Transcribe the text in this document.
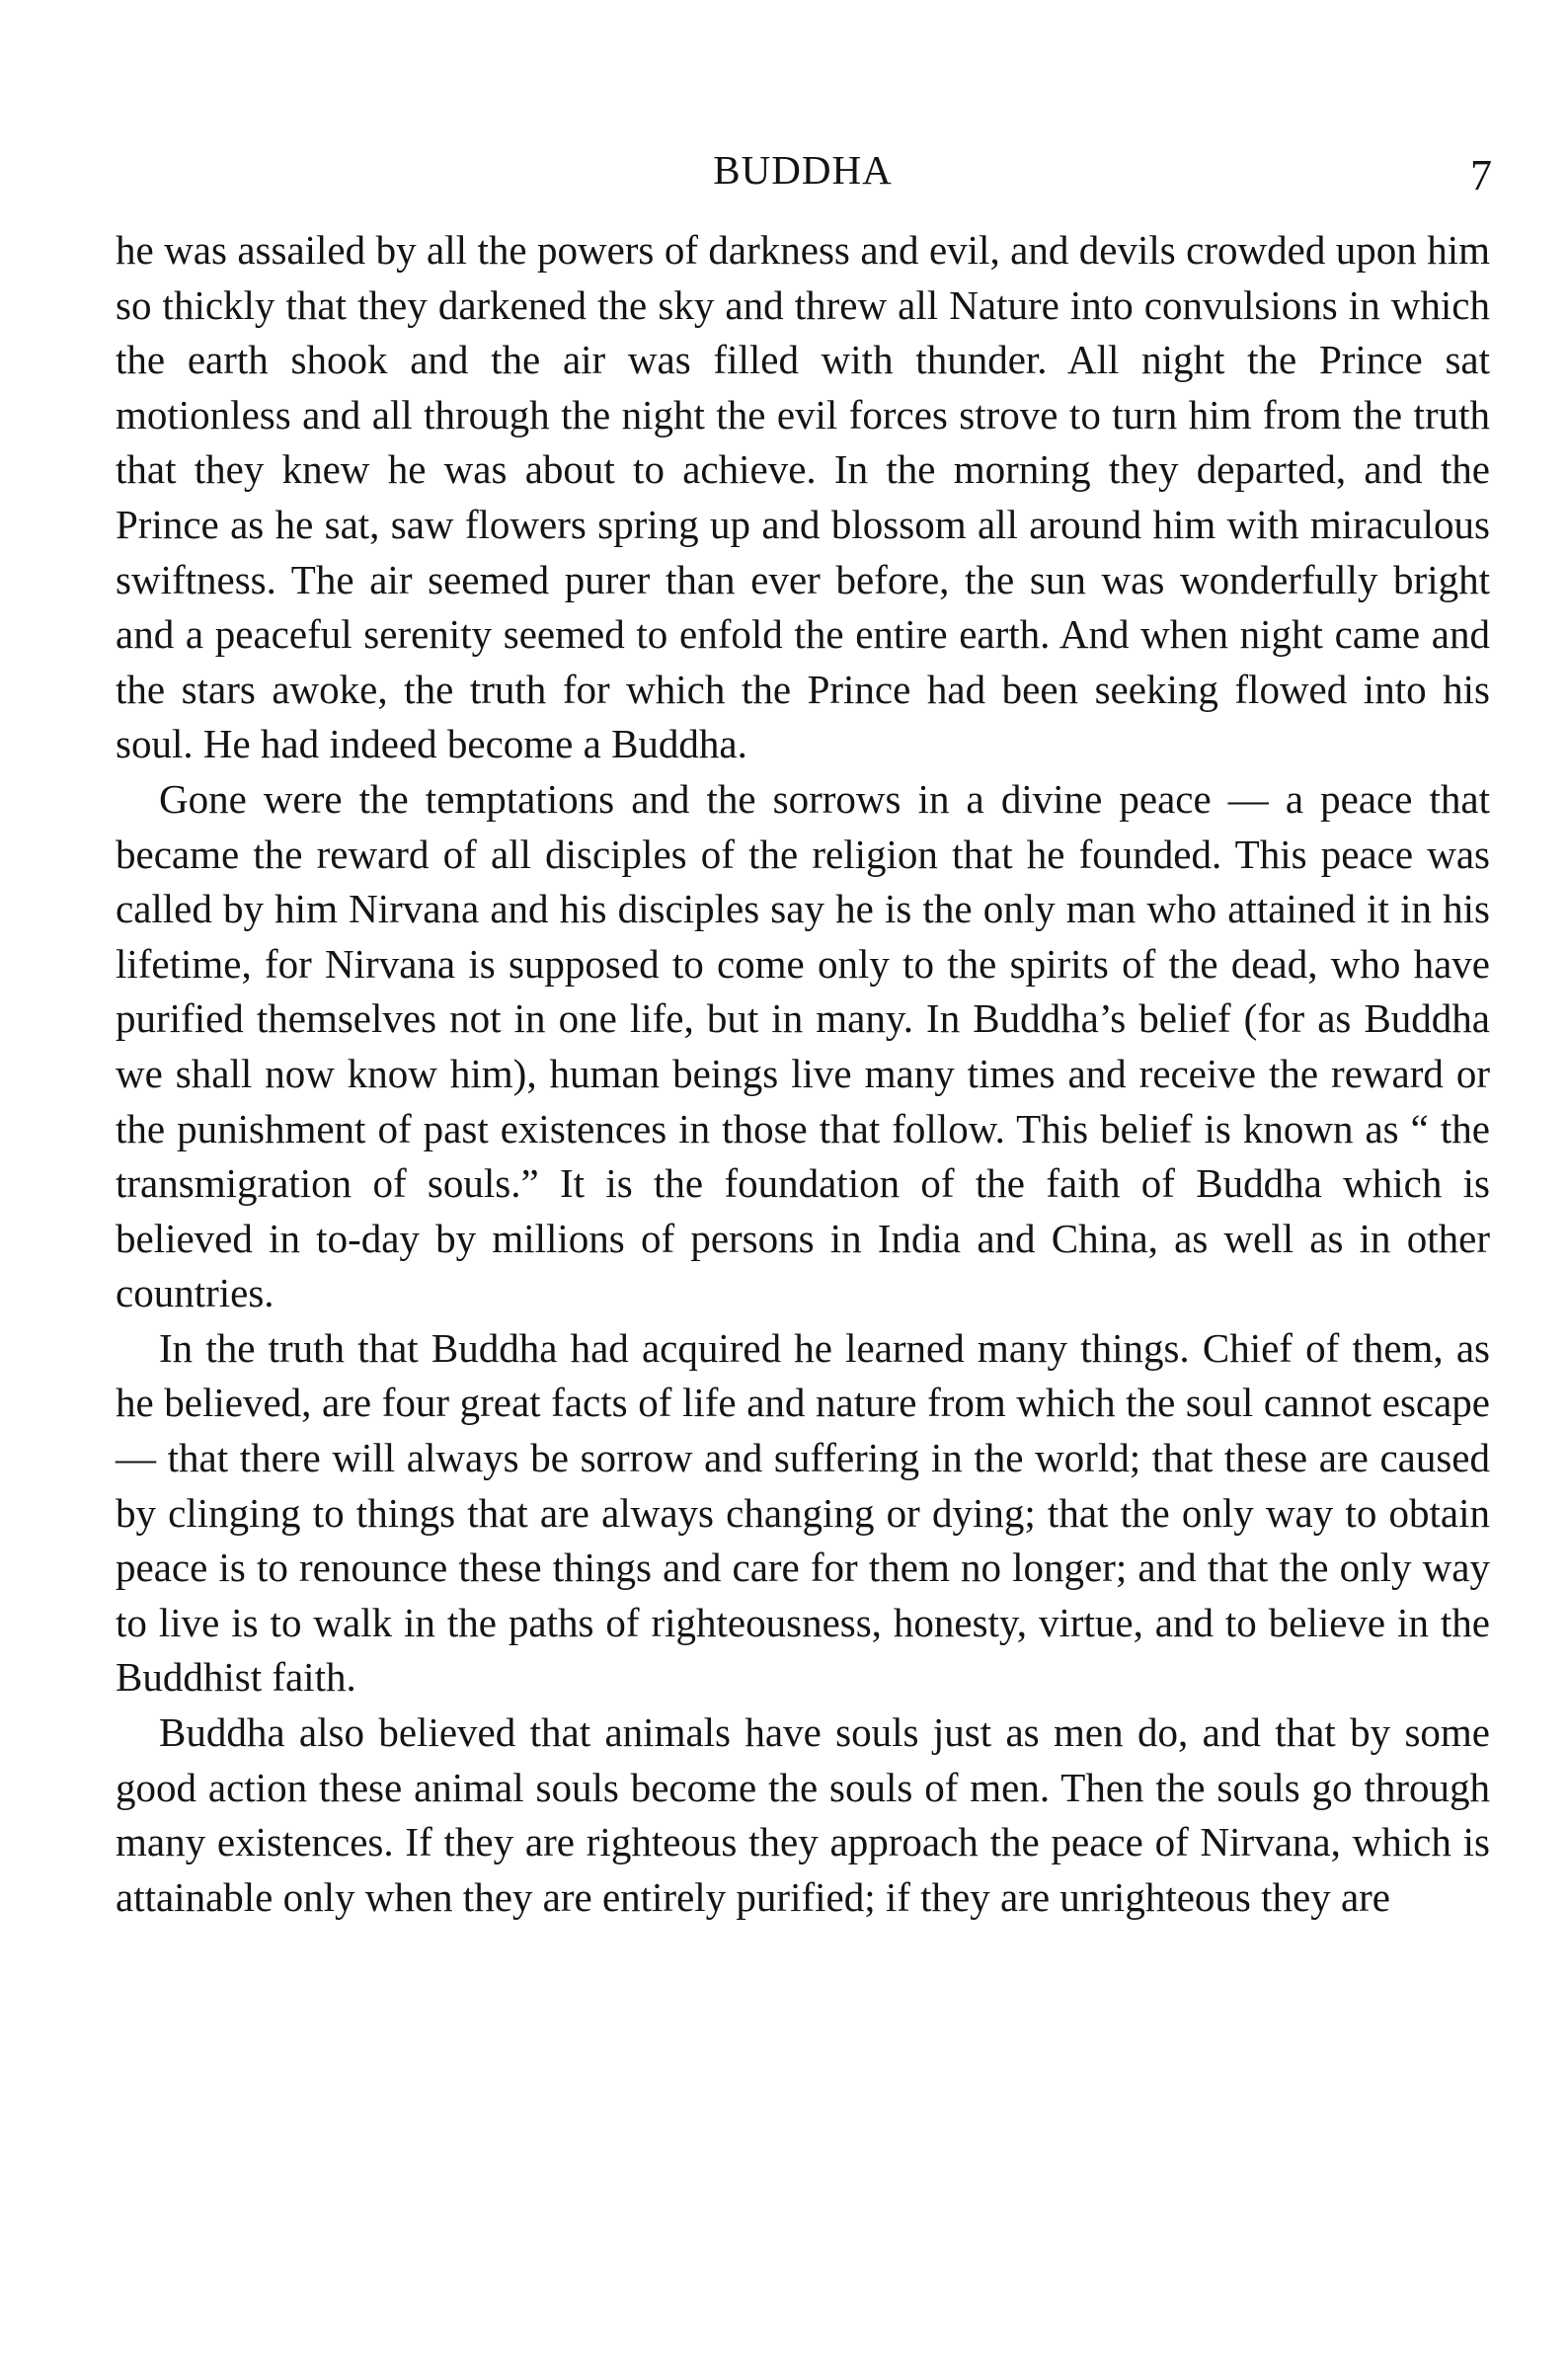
BUDDHA	7

he was assailed by all the powers of darkness and evil, and devils crowded upon him so thickly that they darkened the sky and threw all Nature into convulsions in which the earth shook and the air was filled with thunder. All night the Prince sat motionless and all through the night the evil forces strove to turn him from the truth that they knew he was about to achieve. In the morning they departed, and the Prince as he sat, saw flowers spring up and blossom all around him with miraculous swiftness. The air seemed purer than ever before, the sun was wonderfully bright and a peaceful serenity seemed to enfold the entire earth. And when night came and the stars awoke, the truth for which the Prince had been seeking flowed into his soul. He had indeed become a Buddha.

Gone were the temptations and the sorrows in a divine peace — a peace that became the reward of all disciples of the religion that he founded. This peace was called by him Nirvana and his disciples say he is the only man who attained it in his lifetime, for Nirvana is supposed to come only to the spirits of the dead, who have purified themselves not in one life, but in many. In Buddha’s belief (for as Buddha we shall now know him), human beings live many times and receive the reward or the punishment of past existences in those that follow. This belief is known as “ the transmigration of souls.” It is the foundation of the faith of Buddha which is believed in to-day by millions of persons in India and China, as well as in other countries.

In the truth that Buddha had acquired he learned many things. Chief of them, as he believed, are four great facts of life and nature from which the soul cannot escape — that there will always be sorrow and suffering in the world; that these are caused by clinging to things that are always changing or dying; that the only way to obtain peace is to renounce these things and care for them no longer; and that the only way to live is to walk in the paths of righteousness, honesty, virtue, and to believe in the Buddhist faith.

Buddha also believed that animals have souls just as men do, and that by some good action these animal souls become the souls of men. Then the souls go through many existences. If they are righteous they approach the peace of Nirvana, which is attainable only when they are entirely purified; if they are unrighteous they are
